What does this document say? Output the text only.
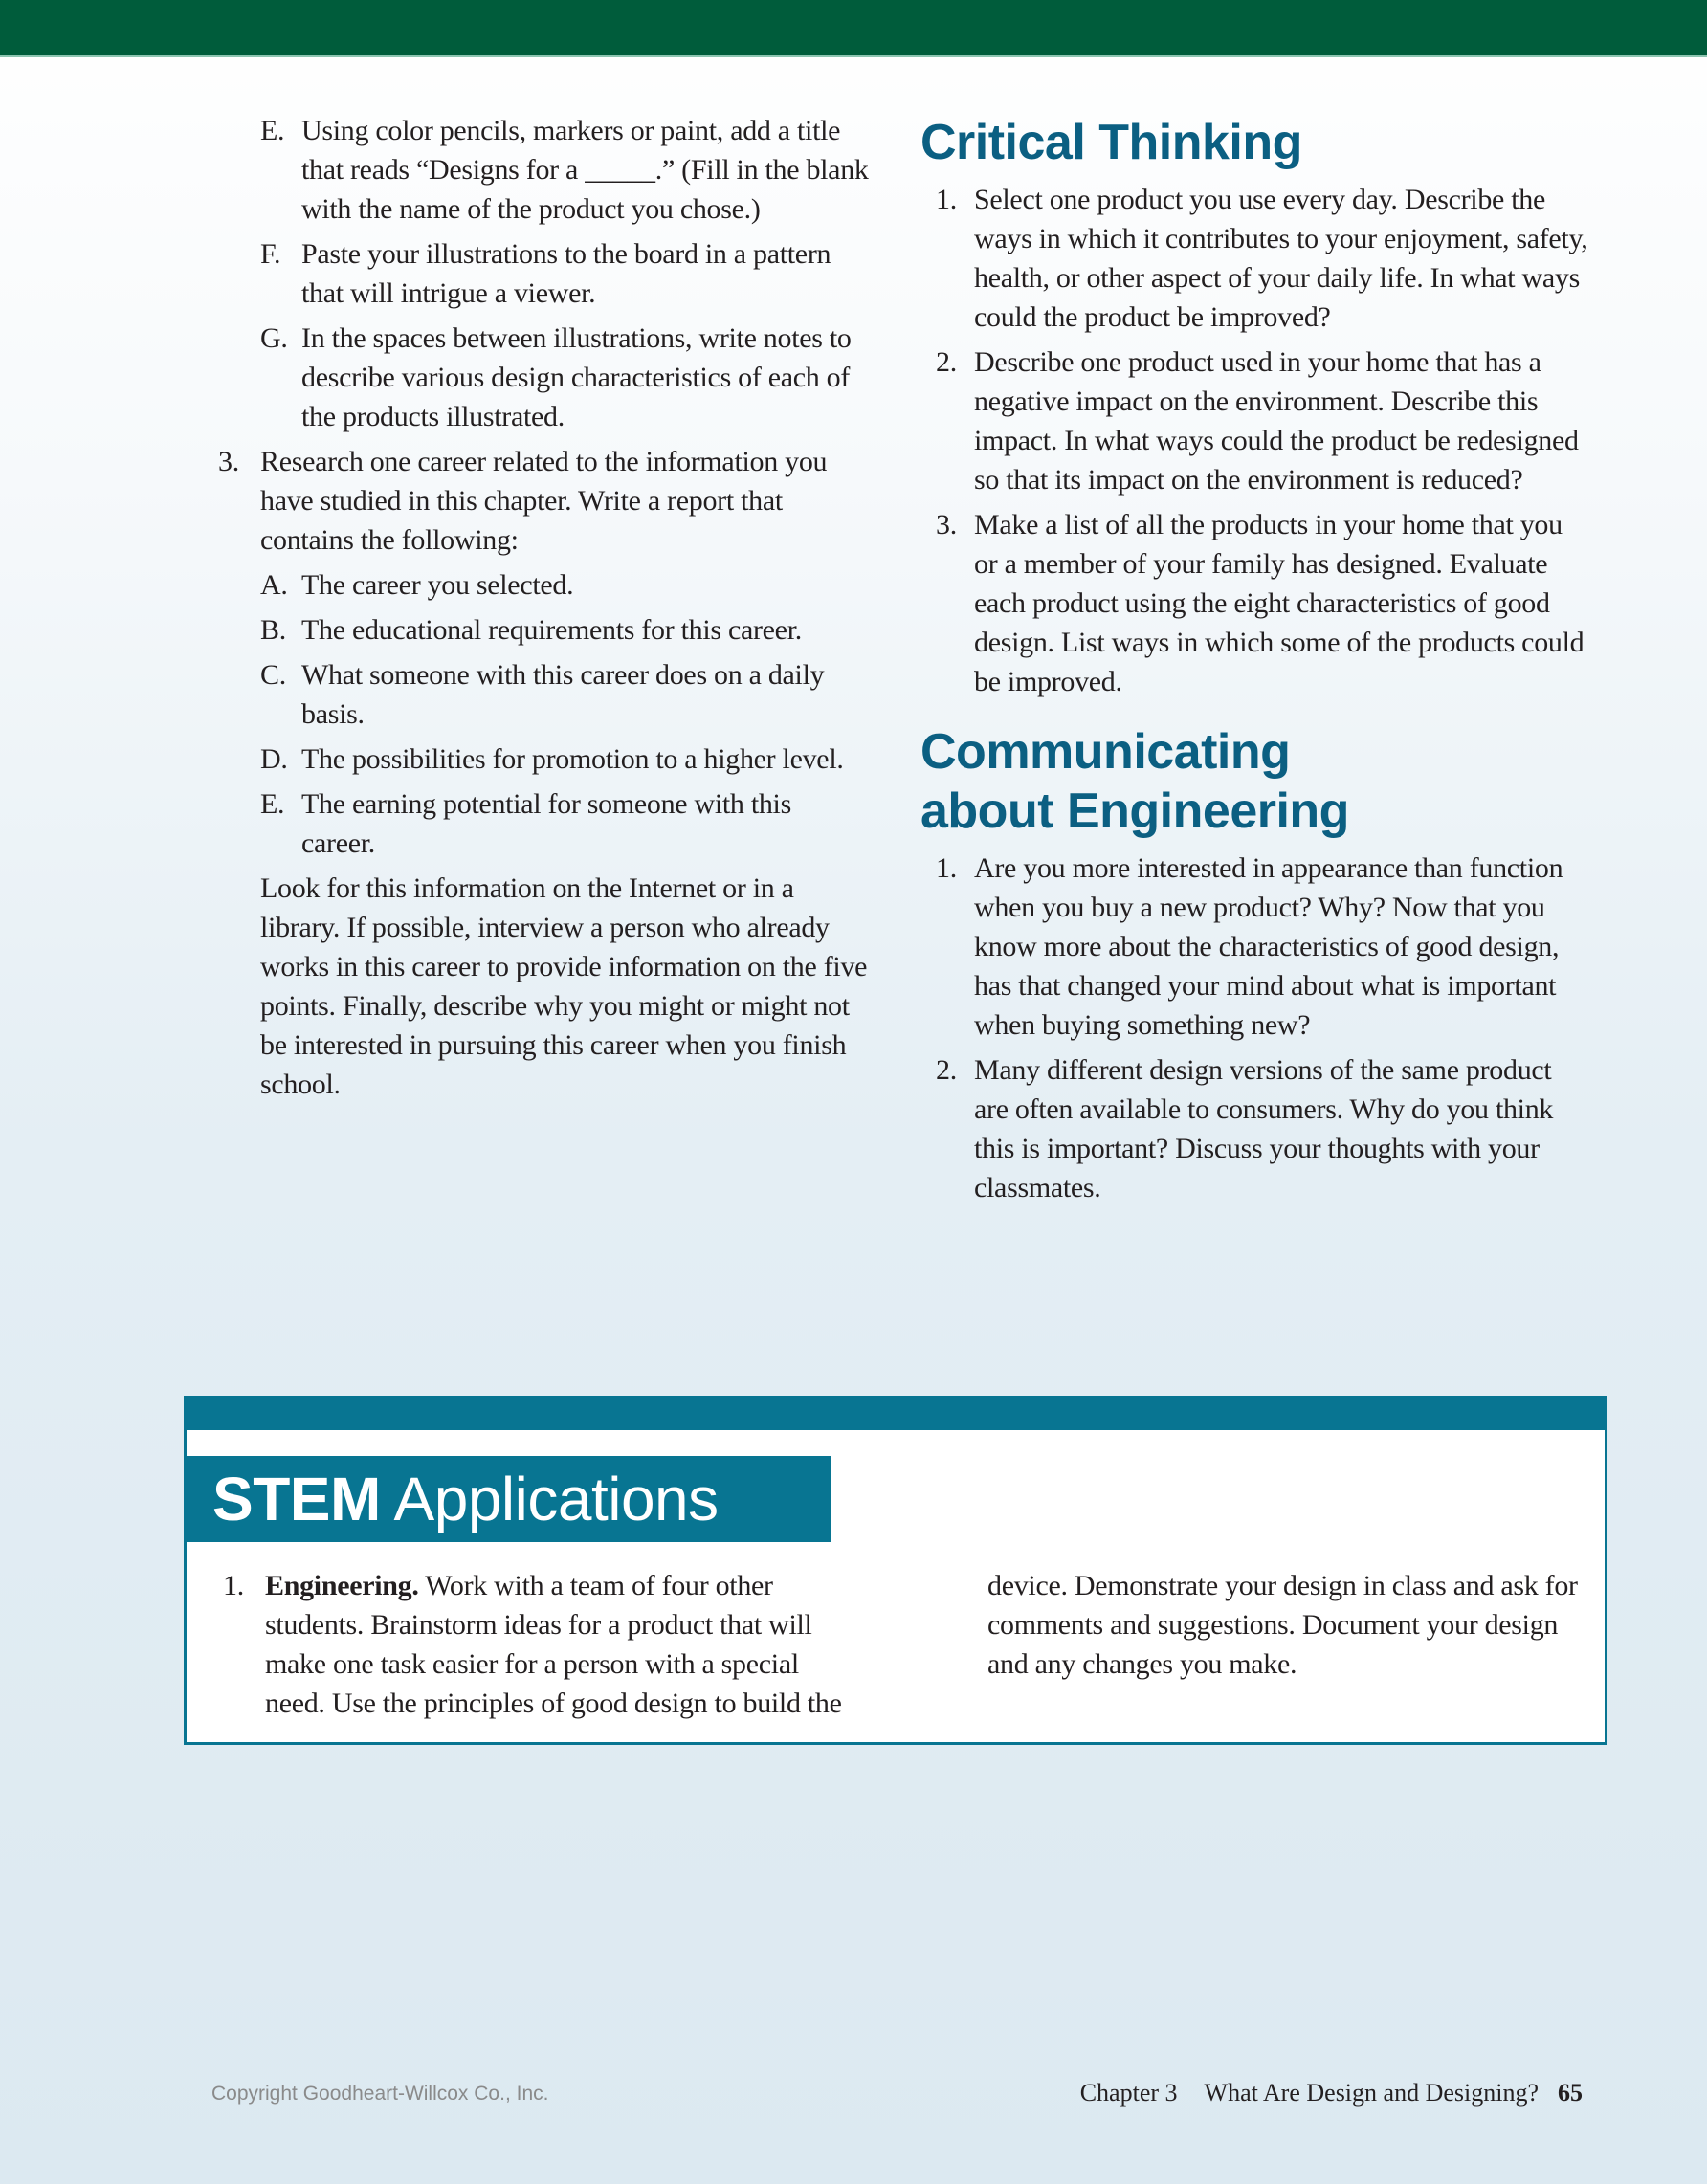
E. Using color pencils, markers or paint, add a title that reads “Designs for a _____.” (Fill in the blank with the name of the product you chose.)
F. Paste your illustrations to the board in a pattern that will intrigue a viewer.
G. In the spaces between illustrations, write notes to describe various design characteristics of each of the products illustrated.
3. Research one career related to the information you have studied in this chapter. Write a report that contains the following:
A. The career you selected.
B. The educational requirements for this career.
C. What someone with this career does on a daily basis.
D. The possibilities for promotion to a higher level.
E. The earning potential for someone with this career.
Look for this information on the Internet or in a library. If possible, interview a person who already works in this career to provide information on the five points. Finally, describe why you might or might not be interested in pursuing this career when you finish school.
Critical Thinking
1. Select one product you use every day. Describe the ways in which it contributes to your enjoyment, safety, health, or other aspect of your daily life. In what ways could the product be improved?
2. Describe one product used in your home that has a negative impact on the environment. Describe this impact. In what ways could the product be redesigned so that its impact on the environment is reduced?
3. Make a list of all the products in your home that you or a member of your family has designed. Evaluate each product using the eight characteristics of good design. List ways in which some of the products could be improved.
Communicating about Engineering
1. Are you more interested in appearance than function when you buy a new product? Why? Now that you know more about the characteristics of good design, has that changed your mind about what is important when buying something new?
2. Many different design versions of the same product are often available to consumers. Why do you think this is important? Discuss your thoughts with your classmates.
STEM Applications
1. Engineering. Work with a team of four other students. Brainstorm ideas for a product that will make one task easier for a person with a special need. Use the principles of good design to build the device. Demonstrate your design in class and ask for comments and suggestions. Document your design and any changes you make.
Copyright Goodheart-Willcox Co., Inc.	Chapter 3 What Are Design and Designing? 65
